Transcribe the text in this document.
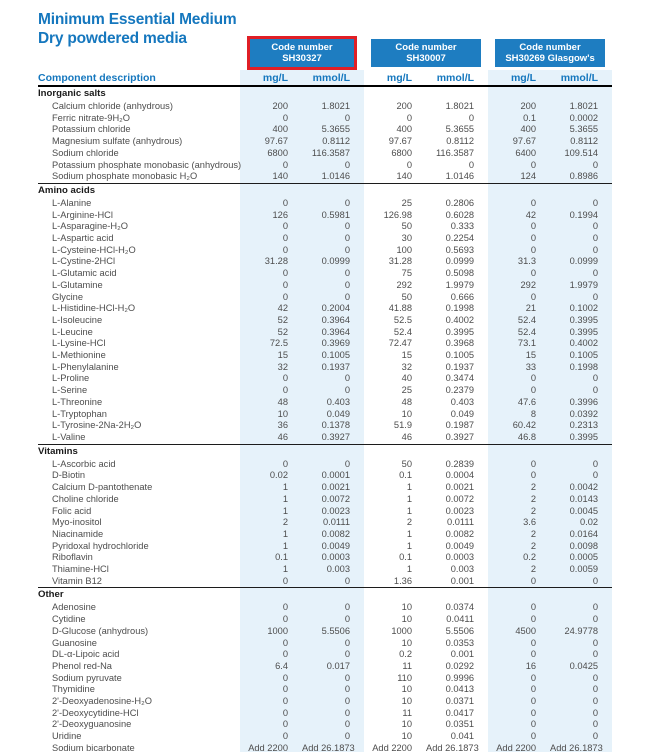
Minimum Essential Medium
Dry powdered media

Code number
SH30327

Code number
SH30007

Code number
SH30269 Glasgow's

Component description	mg/L	mmol/L	mg/L	mmol/L	mg/L	mmol/L
Inorganic salts						
Calcium chloride (anhydrous)	200	1.8021	200	1.8021	200	1.8021
Ferric nitrate-9H₂O	0	0	0	0	0.1	0.0002
Potassium chloride	400	5.3655	400	5.3655	400	5.3655
Magnesium sulfate (anhydrous)	97.67	0.8112	97.67	0.8112	97.67	0.8112
Sodium chloride	6800	116.3587	6800	116.3587	6400	109.514
Potassium phosphate monobasic (anhydrous)	0	0	0	0	0	0
Sodium phosphate monobasic H₂O	140	1.0146	140	1.0146	124	0.8986
Amino acids						
L-Alanine	0	0	25	0.2806	0	0
L-Arginine-HCl	126	0.5981	126.98	0.6028	42	0.1994
L-Asparagine-H₂O	0	0	50	0.333	0	0
L-Aspartic acid	0	0	30	0.2254	0	0
L-Cysteine-HCl-H₂O	0	0	100	0.5693	0	0
L-Cystine-2HCl	31.28	0.0999	31.28	0.0999	31.3	0.0999
L-Glutamic acid	0	0	75	0.5098	0	0
L-Glutamine	0	0	292	1.9979	292	1.9979
Glycine	0	0	50	0.666	0	0
L-Histidine-HCl-H₂O	42	0.2004	41.88	0.1998	21	0.1002
L-Isoleucine	52	0.3964	52.5	0.4002	52.4	0.3995
L-Leucine	52	0.3964	52.4	0.3995	52.4	0.3995
L-Lysine-HCl	72.5	0.3969	72.47	0.3968	73.1	0.4002
L-Methionine	15	0.1005	15	0.1005	15	0.1005
L-Phenylalanine	32	0.1937	32	0.1937	33	0.1998
L-Proline	0	0	40	0.3474	0	0
L-Serine	0	0	25	0.2379	0	0
L-Threonine	48	0.403	48	0.403	47.6	0.3996
L-Tryptophan	10	0.049	10	0.049	8	0.0392
L-Tyrosine-2Na-2H₂O	36	0.1378	51.9	0.1987	60.42	0.2313
L-Valine	46	0.3927	46	0.3927	46.8	0.3995
Vitamins						
L-Ascorbic acid	0	0	50	0.2839	0	0
D-Biotin	0.02	0.0001	0.1	0.0004	0	0
Calcium D-pantothenate	1	0.0021	1	0.0021	2	0.0042
Choline chloride	1	0.0072	1	0.0072	2	0.0143
Folic acid	1	0.0023	1	0.0023	2	0.0045
Myo-inositol	2	0.0111	2	0.0111	3.6	0.02
Niacinamide	1	0.0082	1	0.0082	2	0.0164
Pyridoxal hydrochloride	1	0.0049	1	0.0049	2	0.0098
Riboflavin	0.1	0.0003	0.1	0.0003	0.2	0.0005
Thiamine-HCl	1	0.003	1	0.003	2	0.0059
Vitamin B12	0	0	1.36	0.001	0	0
Other						
Adenosine	0	0	10	0.0374	0	0
Cytidine	0	0	10	0.0411	0	0
D-Glucose (anhydrous)	1000	5.5506	1000	5.5506	4500	24.9778
Guanosine	0	0	10	0.0353	0	0
DL-α-Lipoic acid	0	0	0.2	0.001	0	0
Phenol red-Na	6.4	0.017	11	0.0292	16	0.0425
Sodium pyruvate	0	0	110	0.9996	0	0
Thymidine	0	0	10	0.0413	0	0
2'-Deoxyadenosine-H₂O	0	0	10	0.0371	0	0
2'-Deoxycytidine-HCl	0	0	11	0.0417	0	0
2'-Deoxyguanosine	0	0	10	0.0351	0	0
Uridine	0	0	10	0.041	0	0
Sodium bicarbonate	Add 2200	Add 26.1873	Add 2200	Add 26.1873	Add 2200	Add 26.1873
